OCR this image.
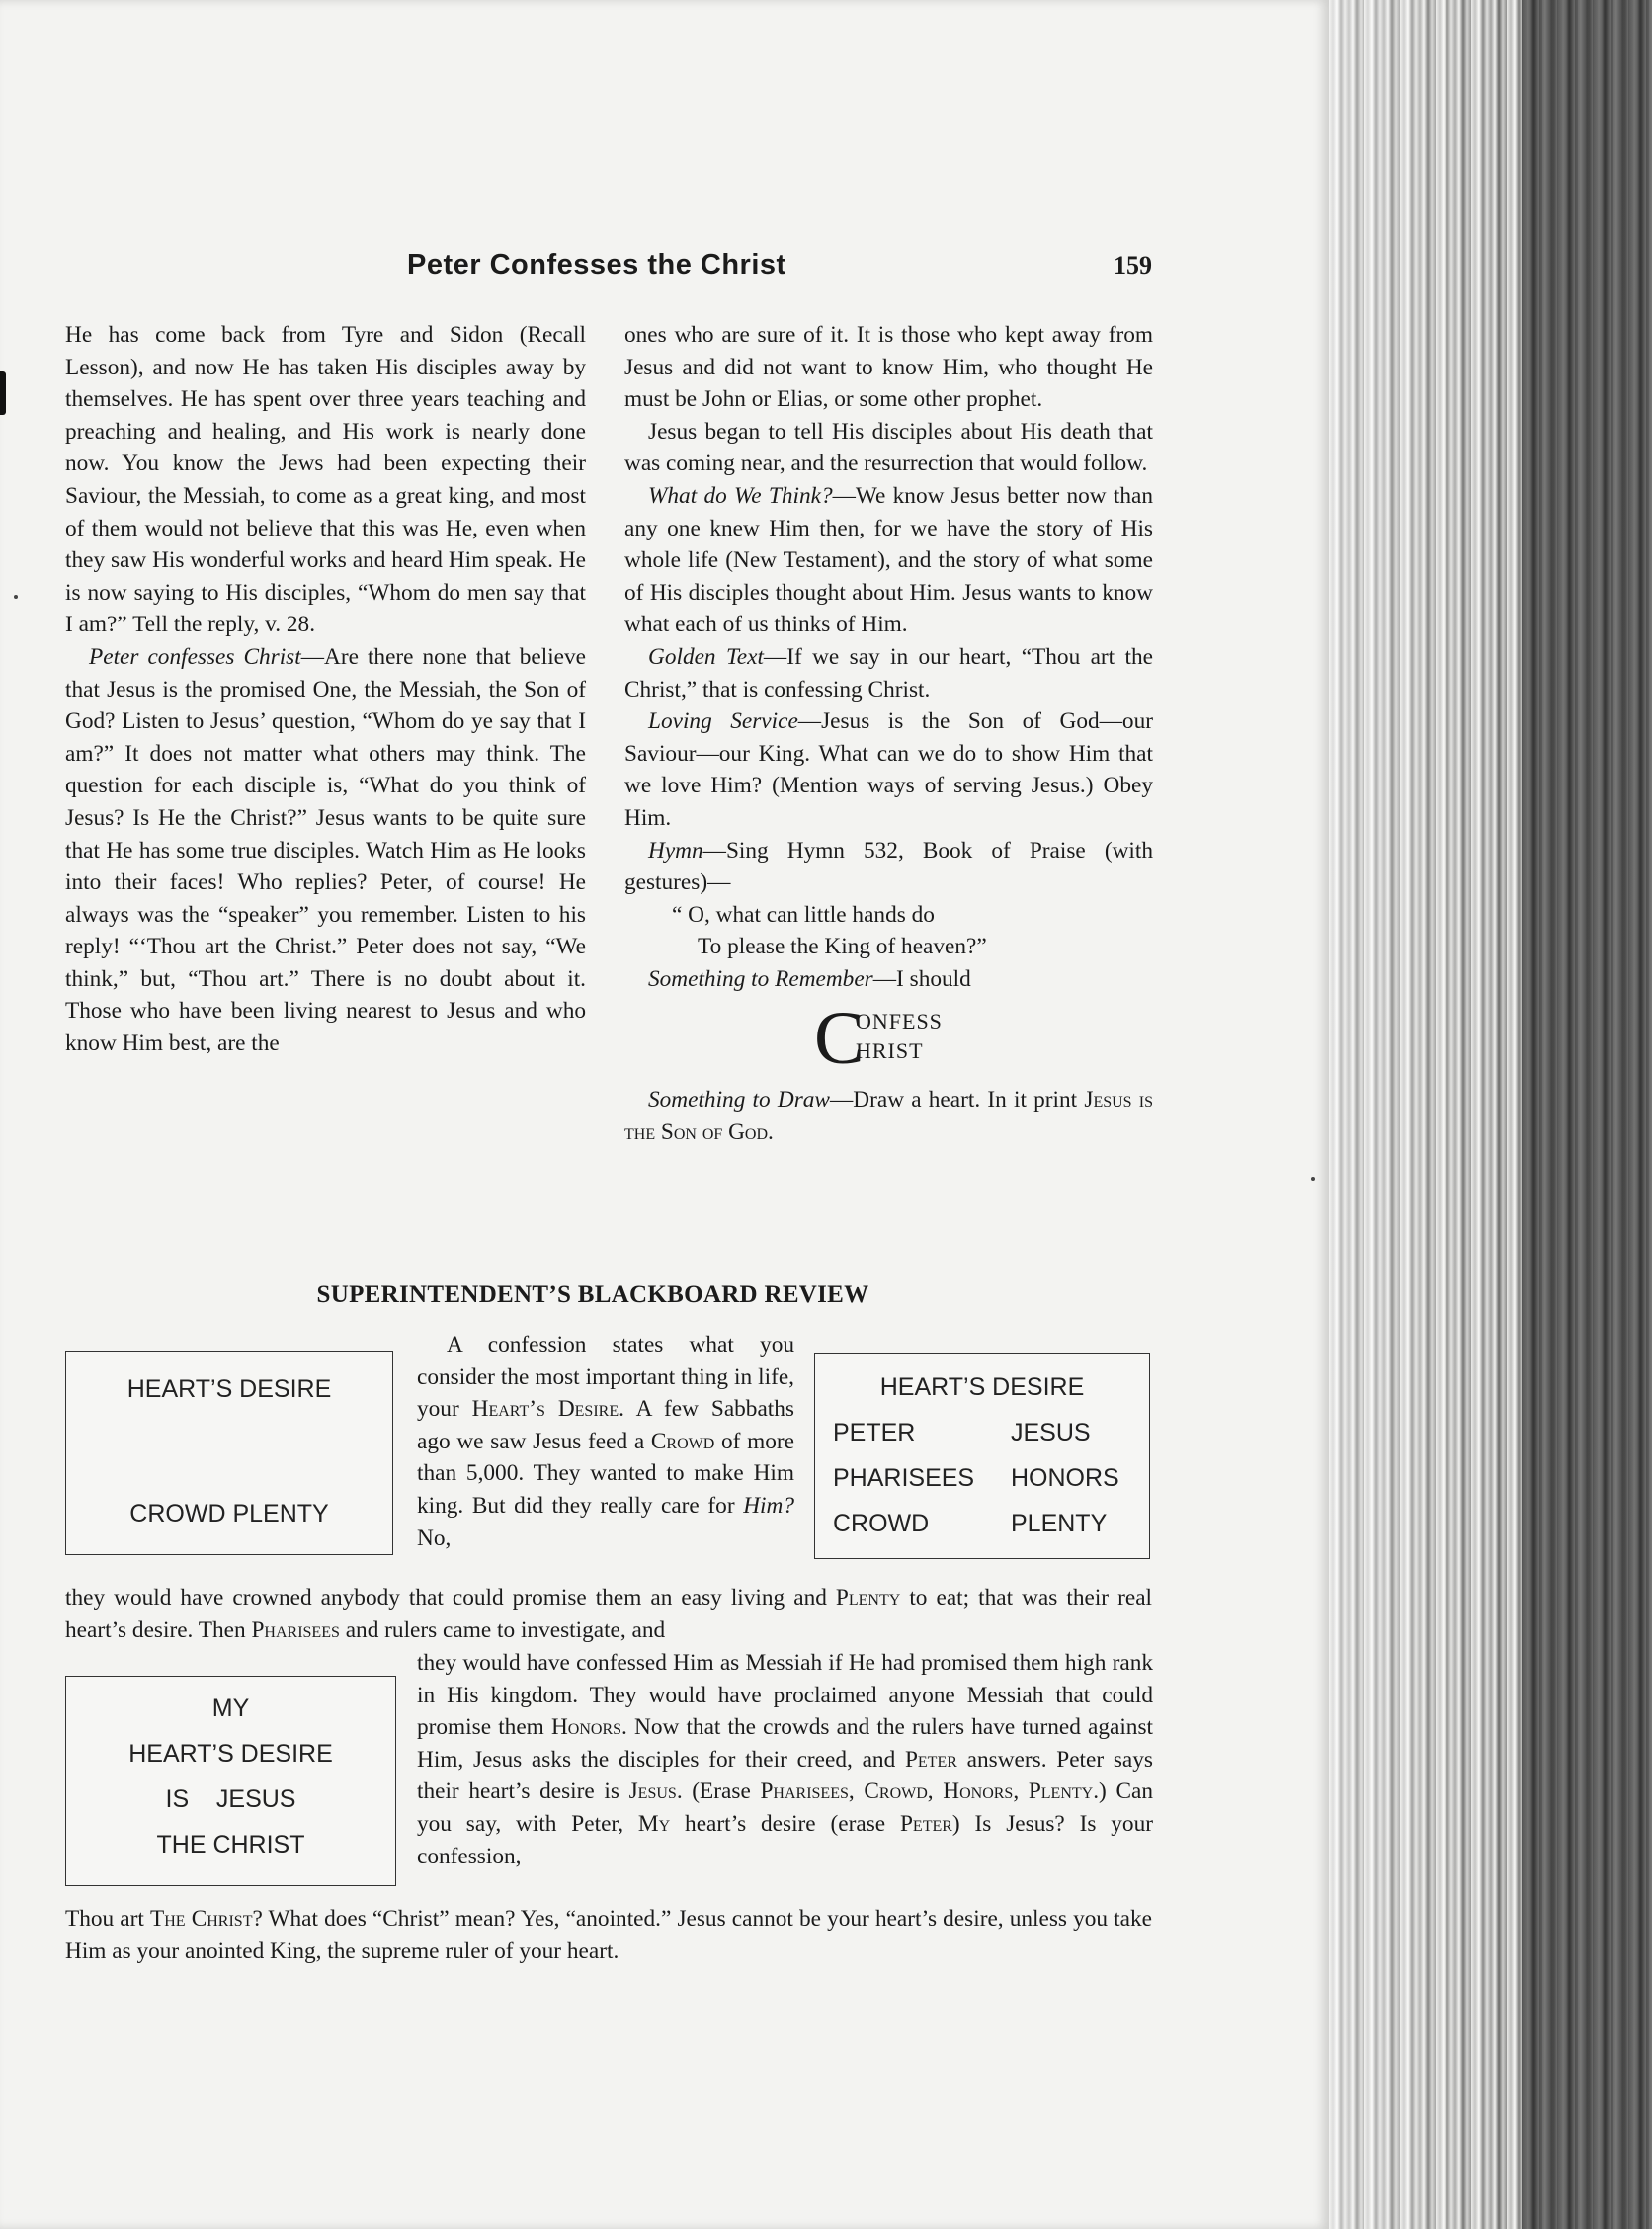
Peter Confesses the Christ	159

He has come back from Tyre and Sidon (Recall Lesson), and now He has taken His disciples away by themselves. He has spent over three years teaching and preaching and healing, and His work is nearly done now. You know the Jews had been expecting their Saviour, the Messiah, to come as a great king, and most of them would not believe that this was He, even when they saw His wonderful works and heard Him speak. He is now saying to His disciples, “Whom do men say that I am?” Tell the reply, v. 28.

Peter confesses Christ—Are there none that believe that Jesus is the promised One, the Messiah, the Son of God? Listen to Jesus’ question, “Whom do ye say that I am?” It does not matter what others may think. The question for each disciple is, “What do you think of Jesus? Is He the Christ?” Jesus wants to be quite sure that He has some true disciples. Watch Him as He looks into their faces! Who replies? Peter, of course! He always was the “speaker” you remember. Listen to his reply! “‘Thou art the Christ.” Peter does not say, “We think,” but, “Thou art.” There is no doubt about it. Those who have been living nearest to Jesus and who know Him best, are the

ones who are sure of it. It is those who kept away from Jesus and did not want to know Him, who thought He must be John or Elias, or some other prophet.

Jesus began to tell His disciples about His death that was coming near, and the resurrection that would follow.

What do We Think?—We know Jesus better now than any one knew Him then, for we have the story of His whole life (New Testament), and the story of what some of His disciples thought about Him. Jesus wants to know what each of us thinks of Him.

Golden Text—If we say in our heart, “Thou art the Christ,” that is confessing Christ.

Loving Service—Jesus is the Son of God—our Saviour—our King. What can we do to show Him that we love Him? (Mention ways of serving Jesus.) Obey Him.

Hymn—Sing Hymn 532, Book of Praise (with gestures)—

“ O, what can little hands do
To please the King of heaven?”

Something to Remember—I should

C
ONFESS
HRIST

Something to Draw—Draw a heart. In it print Jesus is the Son of God.

SUPERINTENDENT’S BLACKBOARD REVIEW
HEART’S DESIRE
CROWD PLENTY
HEART’S DESIRE
PETER	JESUS
PHARISEES HONORS
CROWD	PLENTY
MY
HEART’S DESIRE
IS    JESUS
THE CHRIST

A confession states what you consider the most important thing in life, your Heart’s Desire. A few Sabbaths ago we saw Jesus feed a Crowd of more than 5,000. They wanted to make Him king. But did they really care for Him? No,

they would have crowned anybody that could promise them an easy living and Plenty to eat; that was their real heart’s desire. Then Pharisees and rulers came to investigate, and

they would have confessed Him as Messiah if He had promised them high rank in His kingdom. They would have proclaimed anyone Messiah that could promise them Honors. Now that the crowds and the rulers have turned against Him, Jesus asks the disciples for their creed, and Peter answers. Peter says their heart’s desire is Jesus. (Erase Pharisees, Crowd, Honors, Plenty.) Can you say, with Peter, My heart’s desire (erase Peter) Is Jesus? Is your confession,

Thou art The Christ? What does “Christ” mean? Yes, “anointed.” Jesus cannot be your heart’s desire, unless you take Him as your anointed King, the supreme ruler of your heart.
